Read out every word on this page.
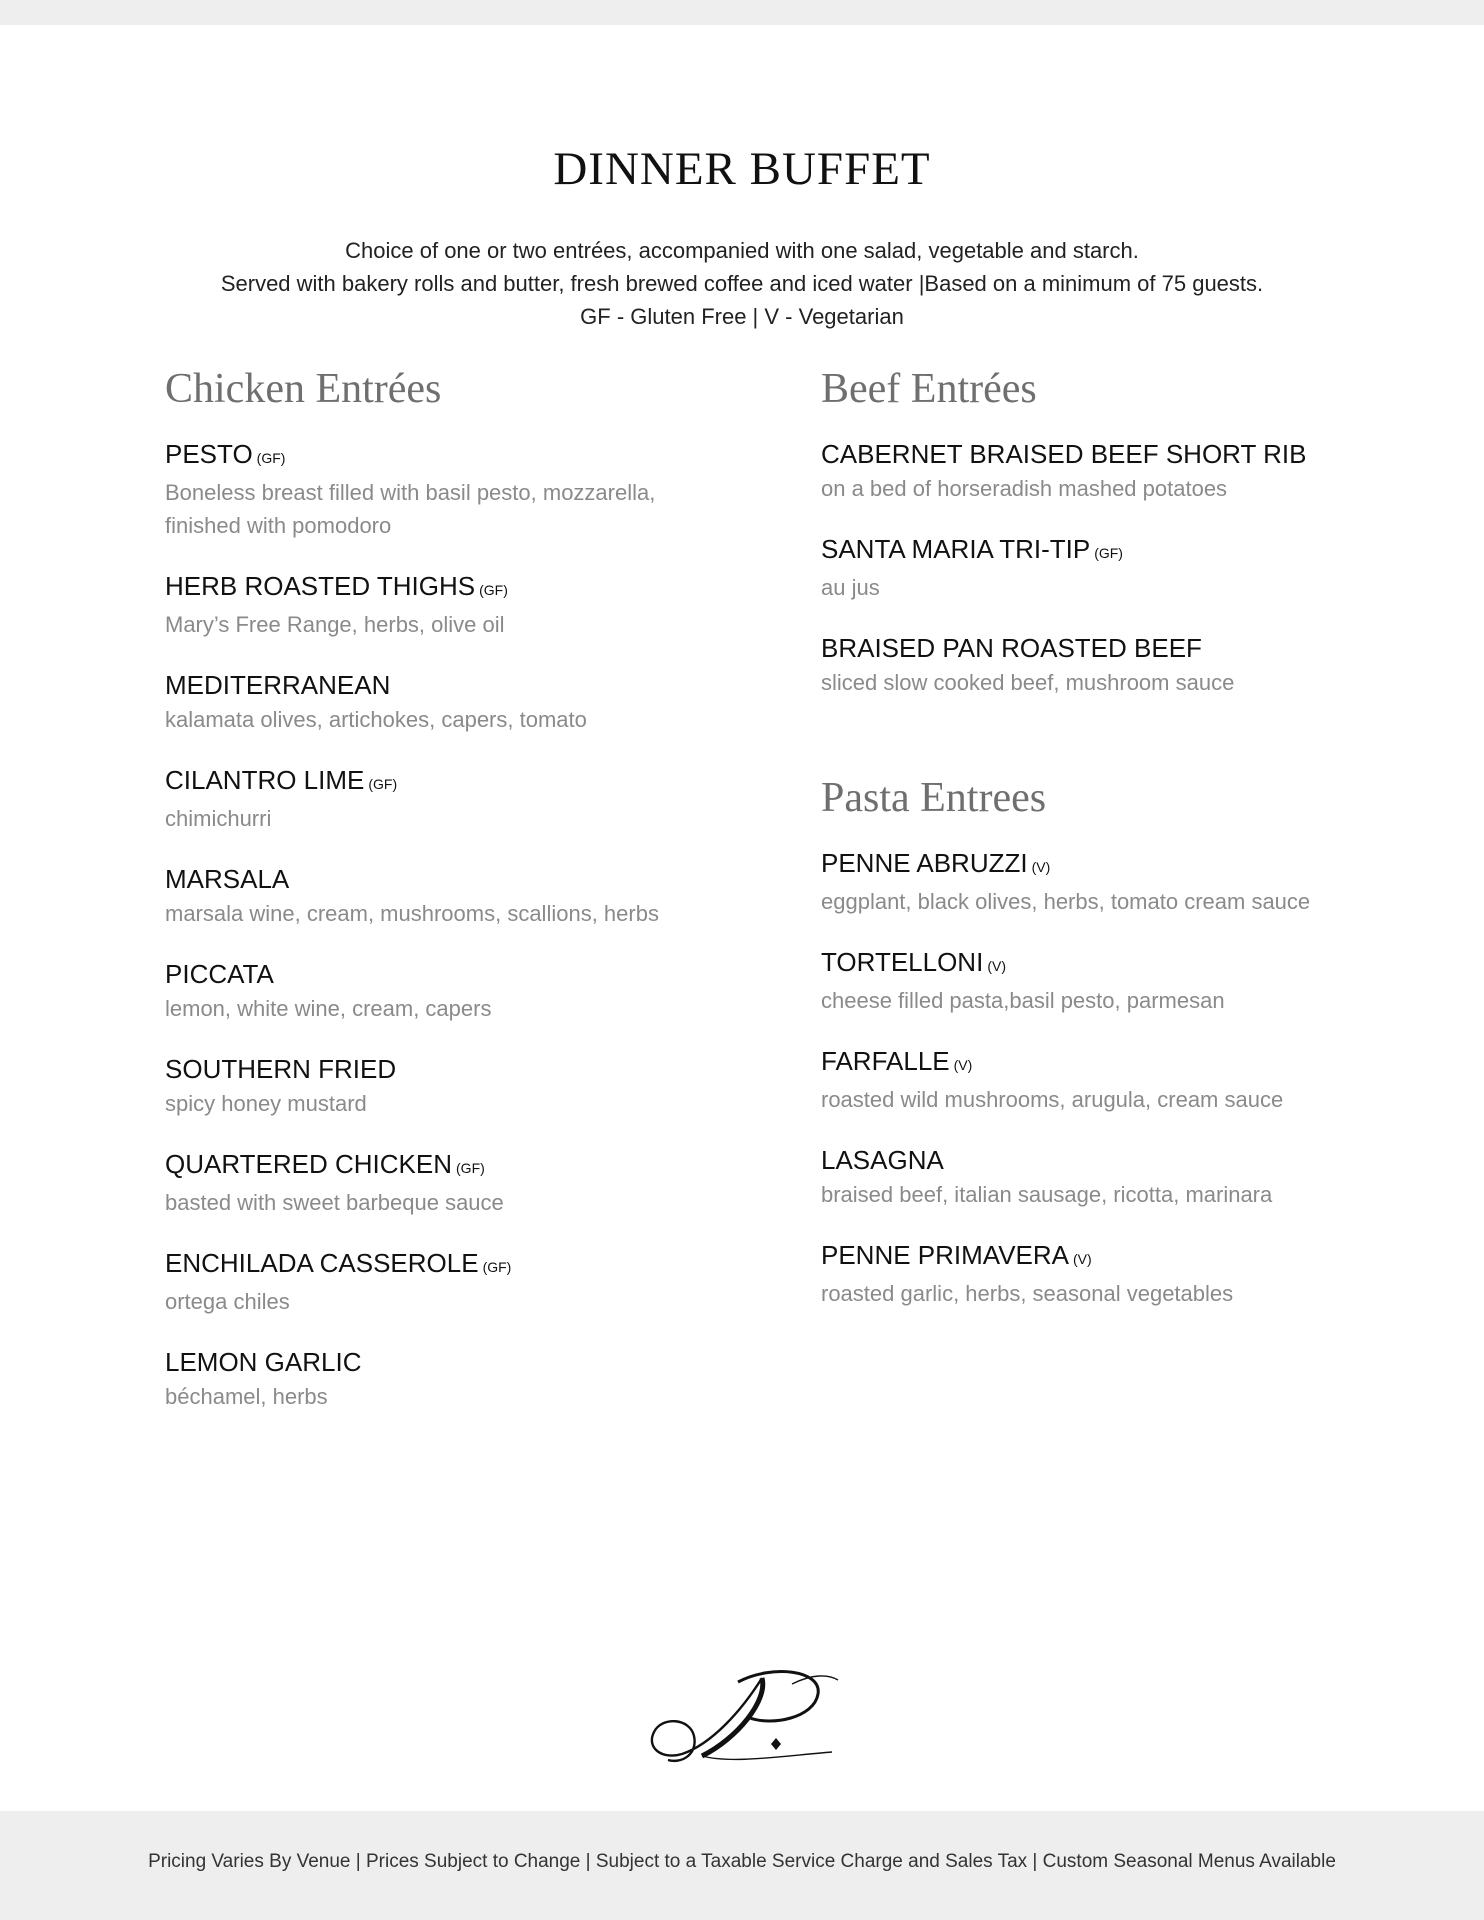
DINNER BUFFET
Choice of one or two entrées, accompanied with one salad, vegetable and starch.
Served with bakery rolls and butter, fresh brewed coffee and iced water |Based on a minimum of 75 guests.
GF - Gluten Free | V - Vegetarian
Chicken Entrées
PESTO (GF)
Boneless breast filled with basil pesto, mozzarella, finished with pomodoro
HERB ROASTED THIGHS (GF)
Mary’s Free Range, herbs, olive oil
MEDITERRANEAN
kalamata olives, artichokes, capers, tomato
CILANTRO LIME (GF)
chimichurri
MARSALA
marsala wine, cream, mushrooms, scallions, herbs
PICCATA
lemon, white wine, cream, capers
SOUTHERN FRIED
spicy honey mustard
QUARTERED CHICKEN (GF)
basted with sweet barbeque sauce
ENCHILADA CASSEROLE (GF)
ortega chiles
LEMON GARLIC
béchamel, herbs
Beef Entrées
CABERNET BRAISED BEEF SHORT RIB
on a bed of horseradish mashed potatoes
SANTA MARIA TRI-TIP (GF)
au jus
BRAISED PAN ROASTED BEEF
sliced slow cooked beef, mushroom sauce
Pasta Entrees
PENNE ABRUZZI (V)
eggplant, black olives, herbs, tomato cream sauce
TORTELLONI (V)
cheese filled pasta,basil pesto, parmesan
FARFALLE (V)
roasted wild mushrooms, arugula, cream sauce
LASAGNA
braised beef, italian sausage, ricotta, marinara
PENNE PRIMAVERA (V)
roasted garlic, herbs, seasonal vegetables
Pricing Varies By Venue | Prices Subject to Change | Subject to a Taxable Service Charge and Sales Tax | Custom Seasonal Menus Available
